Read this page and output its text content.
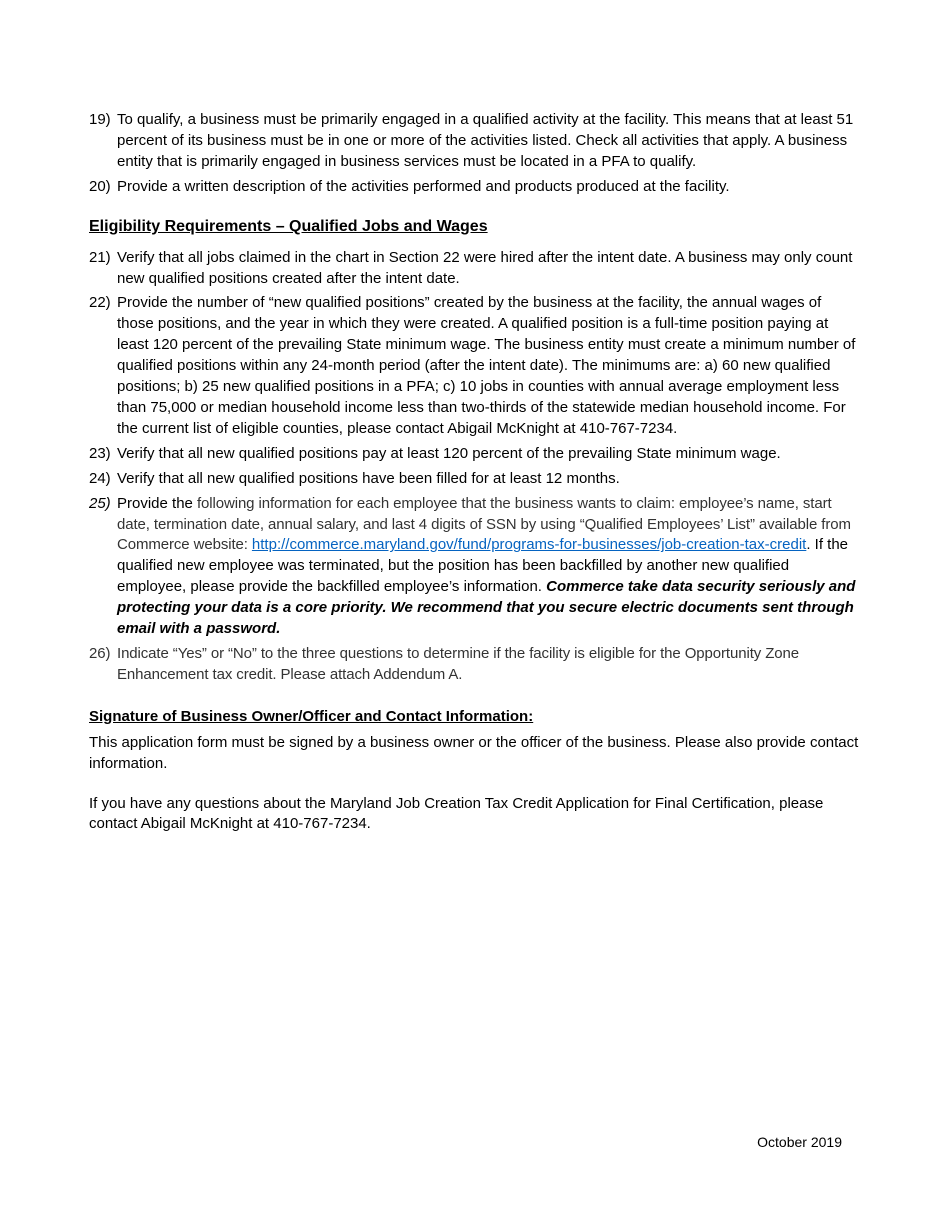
19) To qualify, a business must be primarily engaged in a qualified activity at the facility. This means that at least 51 percent of its business must be in one or more of the activities listed. Check all activities that apply. A business entity that is primarily engaged in business services must be located in a PFA to qualify.
20) Provide a written description of the activities performed and products produced at the facility.
Eligibility Requirements – Qualified Jobs and Wages
21) Verify that all jobs claimed in the chart in Section 22 were hired after the intent date. A business may only count new qualified positions created after the intent date.
22) Provide the number of “new qualified positions” created by the business at the facility, the annual wages of those positions, and the year in which they were created. A qualified position is a full-time position paying at least 120 percent of the prevailing State minimum wage. The business entity must create a minimum number of qualified positions within any 24-month period (after the intent date). The minimums are: a) 60 new qualified positions; b) 25 new qualified positions in a PFA; c) 10 jobs in counties with annual average employment less than 75,000 or median household income less than two-thirds of the statewide median household income. For the current list of eligible counties, please contact Abigail McKnight at 410-767-7234.
23) Verify that all new qualified positions pay at least 120 percent of the prevailing State minimum wage.
24) Verify that all new qualified positions have been filled for at least 12 months.
25) Provide the following information for each employee that the business wants to claim: employee’s name, start date, termination date, annual salary, and last 4 digits of SSN by using “Qualified Employees’ List” available from Commerce website: http://commerce.maryland.gov/fund/programs-for-businesses/job-creation-tax-credit. If the qualified new employee was terminated, but the position has been backfilled by another new qualified employee, please provide the backfilled employee’s information. Commerce take data security seriously and protecting your data is a core priority. We recommend that you secure electric documents sent through email with a password.
26) Indicate “Yes” or “No” to the three questions to determine if the facility is eligible for the Opportunity Zone Enhancement tax credit. Please attach Addendum A.
Signature of Business Owner/Officer and Contact Information:

This application form must be signed by a business owner or the officer of the business. Please also provide contact information.

If you have any questions about the Maryland Job Creation Tax Credit Application for Final Certification, please contact Abigail McKnight at 410-767-7234.

October 2019
